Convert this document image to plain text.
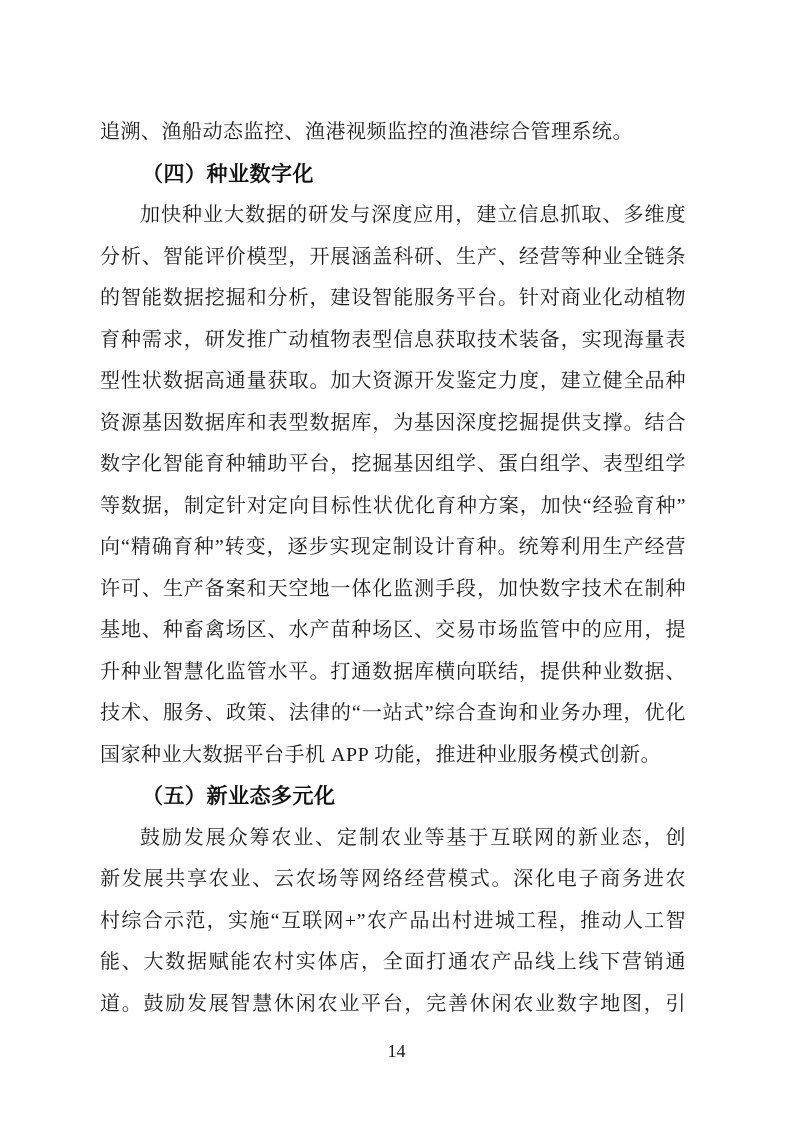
追溯、渔船动态监控、渔港视频监控的渔港综合管理系统。
（四）种业数字化
加快种业大数据的研发与深度应用，建立信息抓取、多维度
分析、智能评价模型，开展涵盖科研、生产、经营等种业全链条
的智能数据挖掘和分析，建设智能服务平台。针对商业化动植物
育种需求，研发推广动植物表型信息获取技术装备，实现海量表
型性状数据高通量获取。加大资源开发鉴定力度，建立健全品种
资源基因数据库和表型数据库，为基因深度挖掘提供支撑。结合
数字化智能育种辅助平台，挖掘基因组学、蛋白组学、表型组学
等数据，制定针对定向目标性状优化育种方案，加快“经验育种”
向“精确育种”转变，逐步实现定制设计育种。统筹利用生产经营
许可、生产备案和天空地一体化监测手段，加快数字技术在制种
基地、种畜禽场区、水产苗种场区、交易市场监管中的应用，提
升种业智慧化监管水平。打通数据库横向联结，提供种业数据、
技术、服务、政策、法律的“一站式”综合查询和业务办理，优化
国家种业大数据平台手机 APP 功能，推进种业服务模式创新。
（五）新业态多元化
鼓励发展众筹农业、定制农业等基于互联网的新业态，创
新发展共享农业、云农场等网络经营模式。深化电子商务进农
村综合示范，实施“互联网+”农产品出村进城工程，推动人工智
能、大数据赋能农村实体店，全面打通农产品线上线下营销通
道。鼓励发展智慧休闲农业平台，完善休闲农业数字地图，引
14
